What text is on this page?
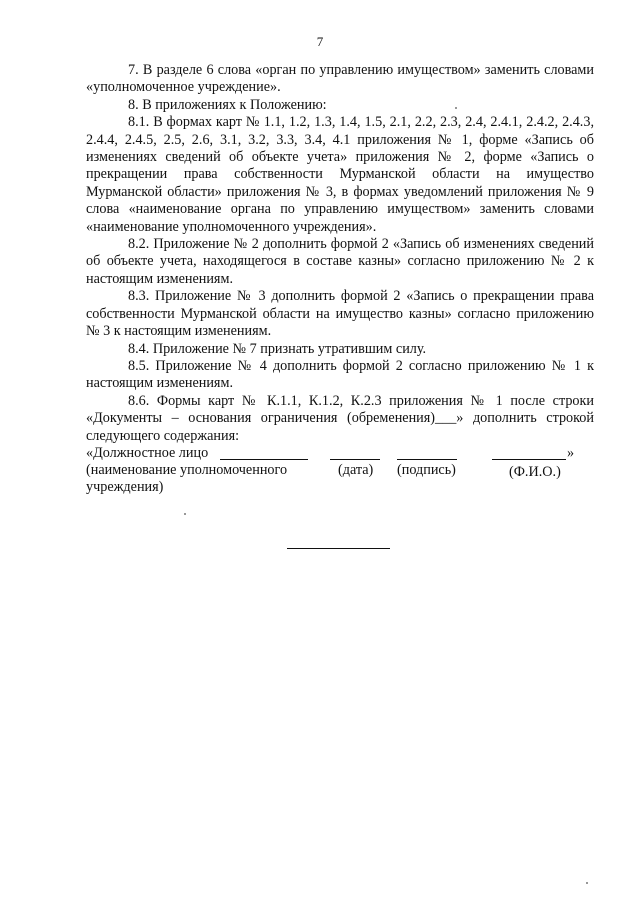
7

7. В разделе 6 слова «орган по управлению имуществом» заменить словами «уполномоченное учреждение».

8. В приложениях к Положению:

8.1. В формах карт № 1.1, 1.2, 1.3, 1.4, 1.5, 2.1, 2.2, 2.3, 2.4, 2.4.1, 2.4.2, 2.4.3, 2.4.4, 2.4.5, 2.5, 2.6, 3.1, 3.2, 3.3, 3.4, 4.1 приложения № 1, форме «Запись об изменениях сведений об объекте учета» приложения № 2, форме «Запись о прекращении права собственности Мурманской области на имущество Мурманской области» приложения № 3, в формах уведомлений приложения № 9 слова «наименование органа по управлению имуществом» заменить словами «наименование уполномоченного учреждения».

8.2. Приложение № 2 дополнить формой 2 «Запись об изменениях сведений об объекте учета, находящегося в составе казны» согласно приложению № 2 к настоящим изменениям.

8.3. Приложение № 3 дополнить формой 2 «Запись о прекращении права собственности Мурманской области на имущество казны» согласно приложению № 3 к настоящим изменениям.

8.4. Приложение № 7 признать утратившим силу.

8.5. Приложение № 4 дополнить формой 2 согласно приложению № 1 к настоящим изменениям.

8.6. Формы карт № К.1.1, К.1.2, К.2.3 приложения № 1 после строки «Документы – основания ограничения (обременения)___» дополнить строкой следующего содержания:

«Должностное лицо	»
(наименование уполномоченного
учреждения)
(дата) (подпись)	(Ф.И.О.)
